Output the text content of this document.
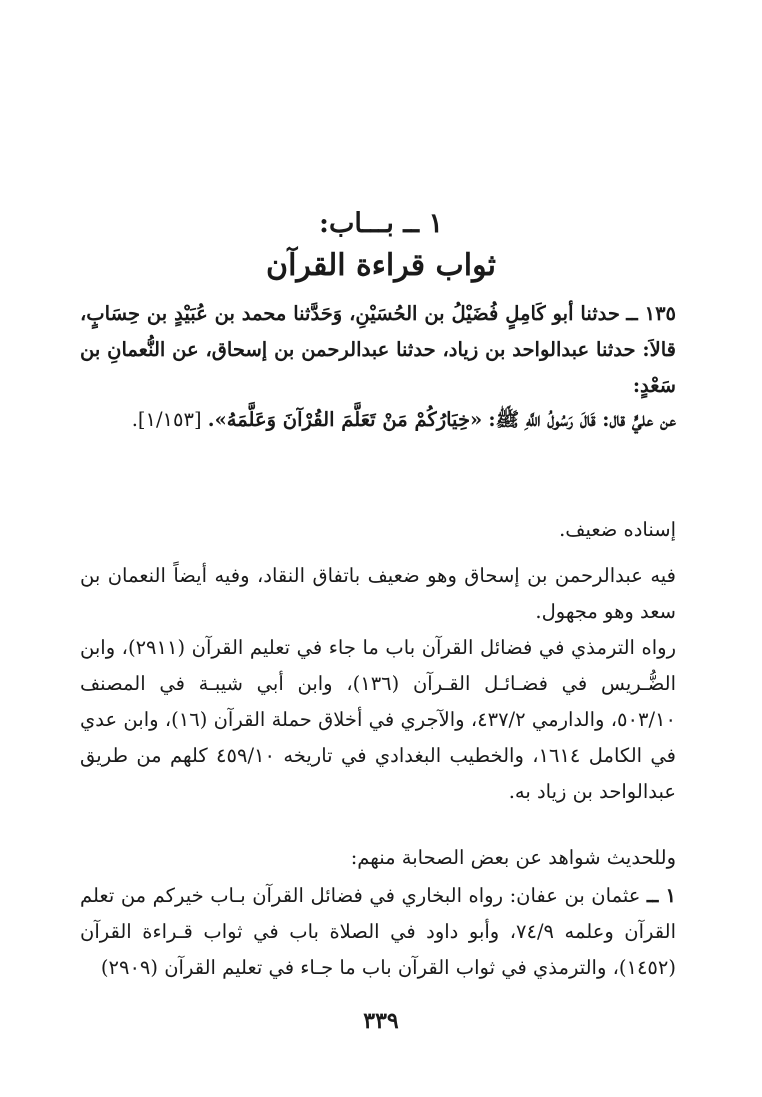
١ ــ بـــاب:
ثواب قراءة القرآن
١٣٥ ــ حدثنا أبو كَامِلٍ فُضَيْلُ بن الحُسَيْنِ، وَحَدَّثنا محمد بن عُبَيْدٍ بن حِسَابٍ، قالاَ: حدثنا عبدالواحد بن زياد، حدثنا عبدالرحمن بن إسحاق، عن النُّعمانِ بن سَعْدٍ:
عن عليٍّ قال: قَالَ رَسُولُ اللَّهِ ﷺ: «خِيَارُكُمْ مَنْ تَعَلَّمَ القُرْآنَ وَعَلَّمَهُ». [١/١٥٣].
إسناده ضعيف.
فيه عبدالرحمن بن إسحاق وهو ضعيف باتفاق النقاد، وفيه أيضاً النعمان بن سعد وهو مجهول.
رواه الترمذي في فضائل القرآن باب ما جاء في تعليم القرآن (٢٩١١)، وابن الضُّـريس في فضـائـل القـرآن (١٣٦)، وابن أبي شيبـة في المصنف ٥٠٣/١٠، والدارمي ٤٣٧/٢، والآجري في أخلاق حملة القرآن (١٦)، وابن عدي في الكامل ١٦١٤، والخطيب البغدادي في تاريخه ٤٥٩/١٠ كلهم من طريق عبدالواحد بن زياد به.
وللحديث شواهد عن بعض الصحابة منهم:
١ ــ عثمان بن عفان: رواه البخاري في فضائل القرآن بـاب خيركم من تعلم القرآن وعلمه ٧٤/٩، وأبو داود في الصلاة باب في ثواب قـراءة القرآن (١٤٥٢)، والترمذي في ثواب القرآن باب ما جـاء في تعليم القرآن (٢٩٠٩)
٣٣٩
